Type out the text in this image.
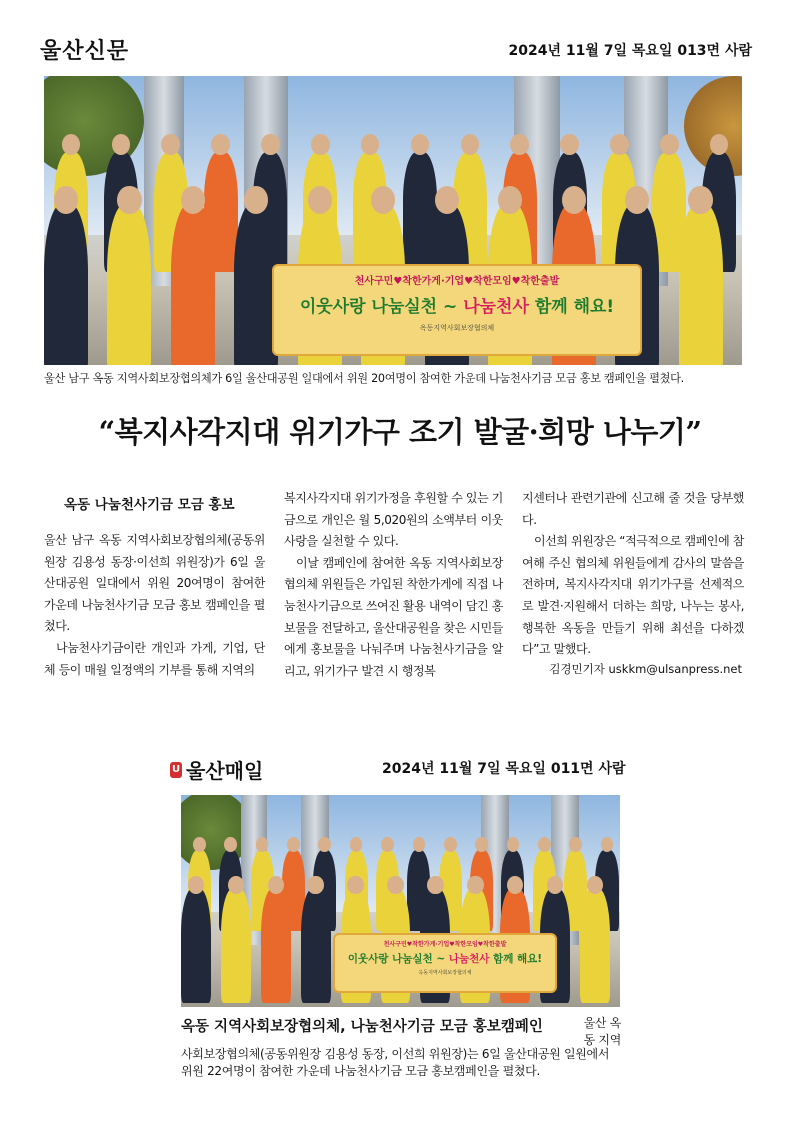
울산신문	2024년 11월 7일 목요일 013면 사람
천사구민♥착한가게·기업♥착한모임♥착한출발
이웃사랑 나눔실천 ~ 나눔천사 함께 해요!
옥동지역사회보장협의체
울산 남구 옥동 지역사회보장협의체가 6일 울산대공원 일대에서 위원 20여명이 참여한 가운데 나눔천사기금 모금 홍보 캠페인을 펼쳤다.
“복지사각지대 위기가구 조기 발굴·희망 나누기”
옥동 나눔천사기금 모금 홍보

울산 남구 옥동 지역사회보장협의체(공동위원장 김용성 동장·이선희 위원장)가 6일 울산대공원 일대에서 위원 20여명이 참여한 가운데 나눔천사기금 모금 홍보 캠페인을 펼쳤다.

나눔천사기금이란 개인과 가게, 기업, 단체 등이 매월 일정액의 기부를 통해 지역의

복지사각지대 위기가정을 후원할 수 있는 기금으로 개인은 월 5,020원의 소액부터 이웃사랑을 실천할 수 있다.

이날 캠페인에 참여한 옥동 지역사회보장협의체 위원들은 가입된 착한가게에 직접 나눔천사기금으로 쓰여진 활용 내역이 담긴 홍보물을 전달하고, 울산대공원을 찾은 시민들에게 홍보물을 나눠주며 나눔천사기금을 알리고, 위기가구 발견 시 행정복

지센터나 관련기관에 신고해 줄 것을 당부했다.

이선희 위원장은 “적극적으로 캠페인에 참여해 주신 협의체 위원들에게 감사의 말씀을 전하며, 복지사각지대 위기가구를 선제적으로 발견·지원해서 더하는 희망, 나누는 봉사, 행복한 옥동을 만들기 위해 최선을 다하겠다”고 말했다.

김경민기자 uskkm@ulsanpress.net
U 울산매일	2024년 11월 7일 목요일 011면 사람
천사구민♥착한가게·기업♥착한모임♥착한출발
이웃사랑 나눔실천 ~ 나눔천사 함께 해요!
옥동지역사회보장협의체
옥동 지역사회보장협의체, 나눔천사기금 모금 홍보캠페인	울산 옥동 지역
사회보장협의체(공동위원장 김용성 동장, 이선희 위원장)는 6일 울산대공원 일원에서 위원 22여명이 참여한 가운데 나눔천사기금 모금 홍보캠페인을 펼쳤다.
